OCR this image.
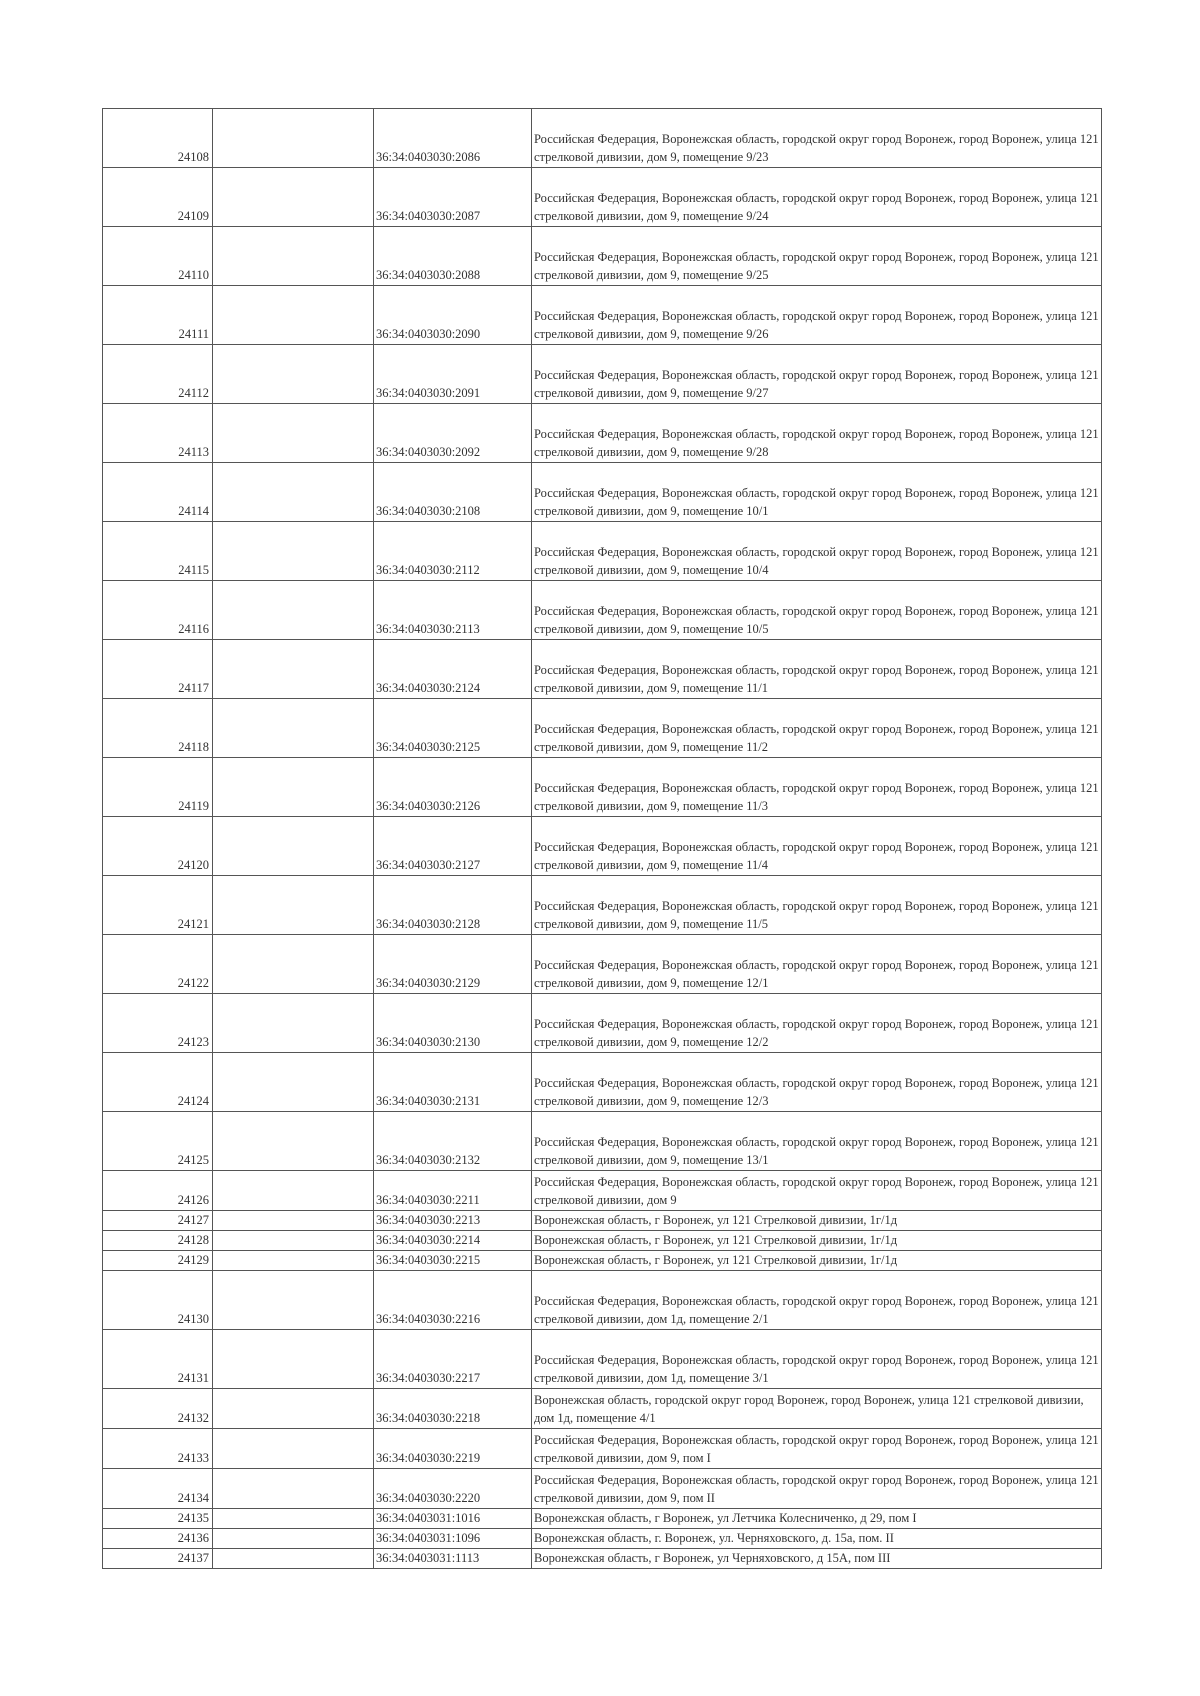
24108		36:34:0403030:2086	Российская Федерация, Воронежская область, городской округ город Воронеж, город Воронеж, улица 121 стрелковой дивизии, дом 9, помещение 9/23
24109		36:34:0403030:2087	Российская Федерация, Воронежская область, городской округ город Воронеж, город Воронеж, улица 121 стрелковой дивизии, дом 9, помещение 9/24
24110		36:34:0403030:2088	Российская Федерация, Воронежская область, городской округ город Воронеж, город Воронеж, улица 121 стрелковой дивизии, дом 9, помещение 9/25
24111		36:34:0403030:2090	Российская Федерация, Воронежская область, городской округ город Воронеж, город Воронеж, улица 121 стрелковой дивизии, дом 9, помещение 9/26
24112		36:34:0403030:2091	Российская Федерация, Воронежская область, городской округ город Воронеж, город Воронеж, улица 121 стрелковой дивизии, дом 9, помещение 9/27
24113		36:34:0403030:2092	Российская Федерация, Воронежская область, городской округ город Воронеж, город Воронеж, улица 121 стрелковой дивизии, дом 9, помещение 9/28
24114		36:34:0403030:2108	Российская Федерация, Воронежская область, городской округ город Воронеж, город Воронеж, улица 121 стрелковой дивизии, дом 9, помещение 10/1
24115		36:34:0403030:2112	Российская Федерация, Воронежская область, городской округ город Воронеж, город Воронеж, улица 121 стрелковой дивизии, дом 9, помещение 10/4
24116		36:34:0403030:2113	Российская Федерация, Воронежская область, городской округ город Воронеж, город Воронеж, улица 121 стрелковой дивизии, дом 9, помещение 10/5
24117		36:34:0403030:2124	Российская Федерация, Воронежская область, городской округ город Воронеж, город Воронеж, улица 121 стрелковой дивизии, дом 9, помещение 11/1
24118		36:34:0403030:2125	Российская Федерация, Воронежская область, городской округ город Воронеж, город Воронеж, улица 121 стрелковой дивизии, дом 9, помещение 11/2
24119		36:34:0403030:2126	Российская Федерация, Воронежская область, городской округ город Воронеж, город Воронеж, улица 121 стрелковой дивизии, дом 9, помещение 11/3
24120		36:34:0403030:2127	Российская Федерация, Воронежская область, городской округ город Воронеж, город Воронеж, улица 121 стрелковой дивизии, дом 9, помещение 11/4
24121		36:34:0403030:2128	Российская Федерация, Воронежская область, городской округ город Воронеж, город Воронеж, улица 121 стрелковой дивизии, дом 9, помещение 11/5
24122		36:34:0403030:2129	Российская Федерация, Воронежская область, городской округ город Воронеж, город Воронеж, улица 121 стрелковой дивизии, дом 9, помещение 12/1
24123		36:34:0403030:2130	Российская Федерация, Воронежская область, городской округ город Воронеж, город Воронеж, улица 121 стрелковой дивизии, дом 9, помещение 12/2
24124		36:34:0403030:2131	Российская Федерация, Воронежская область, городской округ город Воронеж, город Воронеж, улица 121 стрелковой дивизии, дом 9, помещение 12/3
24125		36:34:0403030:2132	Российская Федерация, Воронежская область, городской округ город Воронеж, город Воронеж, улица 121 стрелковой дивизии, дом 9, помещение 13/1
24126		36:34:0403030:2211	Российская Федерация, Воронежская область, городской округ город Воронеж, город Воронеж, улица 121 стрелковой дивизии, дом 9
24127		36:34:0403030:2213	Воронежская область, г Воронеж, ул 121 Стрелковой дивизии, 1г/1д
24128		36:34:0403030:2214	Воронежская область, г Воронеж, ул 121 Стрелковой дивизии, 1г/1д
24129		36:34:0403030:2215	Воронежская область, г Воронеж, ул 121 Стрелковой дивизии, 1г/1д
24130		36:34:0403030:2216	Российская Федерация, Воронежская область, городской округ город Воронеж, город Воронеж, улица 121 стрелковой дивизии, дом 1д, помещение 2/1
24131		36:34:0403030:2217	Российская Федерация, Воронежская область, городской округ город Воронеж, город Воронеж, улица 121 стрелковой дивизии, дом 1д, помещение 3/1
24132		36:34:0403030:2218	Воронежская область, городской округ город Воронеж, город Воронеж, улица 121 стрелковой дивизии, дом 1д, помещение 4/1
24133		36:34:0403030:2219	Российская Федерация, Воронежская область, городской округ город Воронеж, город Воронеж, улица 121 стрелковой дивизии, дом 9, пом I
24134		36:34:0403030:2220	Российская Федерация, Воронежская область, городской округ город Воронеж, город Воронеж, улица 121 стрелковой дивизии, дом 9, пом II
24135		36:34:0403031:1016	Воронежская область, г Воронеж, ул Летчика Колесниченко, д 29, пом I
24136		36:34:0403031:1096	Воронежская область, г. Воронеж, ул. Черняховского, д. 15а, пом. II
24137		36:34:0403031:1113	Воронежская область, г Воронеж, ул Черняховского, д 15А, пом III
